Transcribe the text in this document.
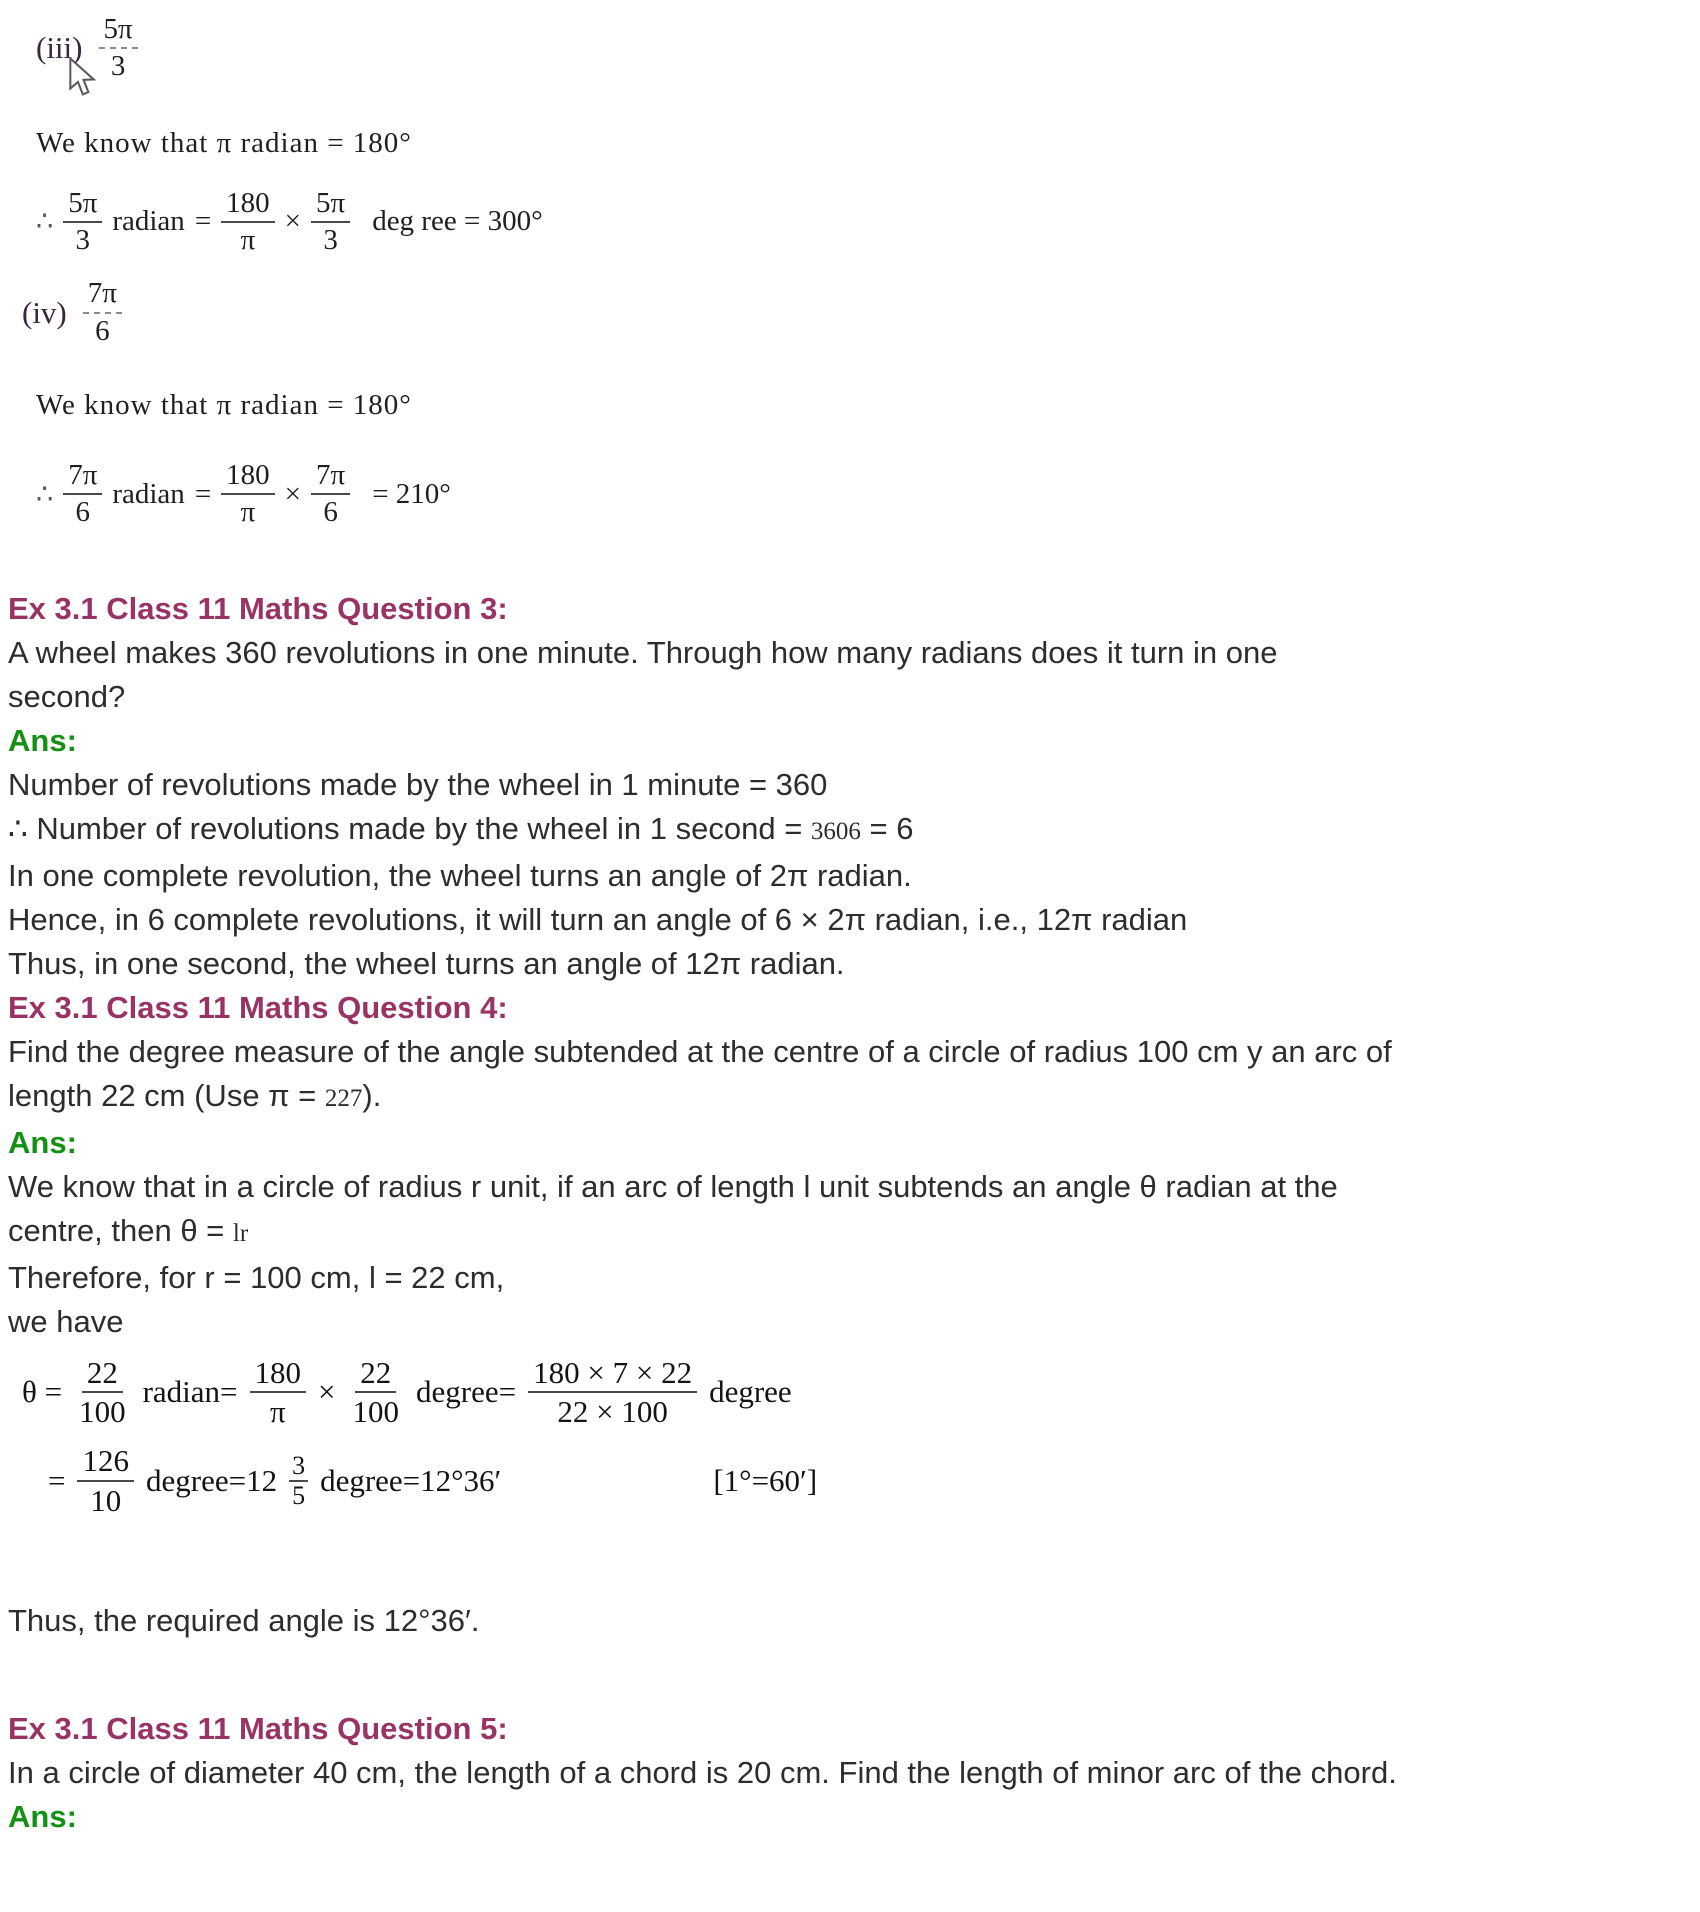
$(iii) \frac{5\pi}{3}$
We know that π radian = 180°
∴ $\frac{5\pi}{3}$ radian = $\frac{180}{\pi} \times \frac{5\pi}{3}$ deg ree = 300°
$(iv) \frac{7\pi}{6}$
We know that π radian = 180°
∴ $\frac{7\pi}{6}$ radian = $\frac{180}{\pi} \times \frac{7\pi}{6} = 210^\circ$
Ex 3.1 Class 11 Maths Question 3:
A wheel makes 360 revolutions in one minute. Through how many radians does it turn in one
second?
Ans:
Number of revolutions made by the wheel in 1 minute = 360
∴ Number of revolutions made by the wheel in 1 second = 3606 = 6
In one complete revolution, the wheel turns an angle of 2π radian.
Hence, in 6 complete revolutions, it will turn an angle of 6 × 2π radian, i.e., 12π radian
Thus, in one second, the wheel turns an angle of 12π radian.
Ex 3.1 Class 11 Maths Question 4:
Find the degree measure of the angle subtended at the centre of a circle of radius 100 cm y an arc of
length 22 cm (Use π = 227).
Ans:
We know that in a circle of radius r unit, if an arc of length l unit subtends an angle θ radian at the
centre, then θ = lr
Therefore, for r = 100 cm, l = 22 cm,
we have
$\theta = \frac{22}{100}$ radian= $\frac{180}{\pi} \times \frac{22}{100}$ degree= $\frac{180 \times 7 \times 22}{22 \times 100}$ degree
= $\frac{126}{10}$ degree=12 $\frac{3}{5}$ degree=12°36′	[1°=60′]
Thus, the required angle is 12°36′.
Ex 3.1 Class 11 Maths Question 5:
In a circle of diameter 40 cm, the length of a chord is 20 cm. Find the length of minor arc of the chord.
Ans:
